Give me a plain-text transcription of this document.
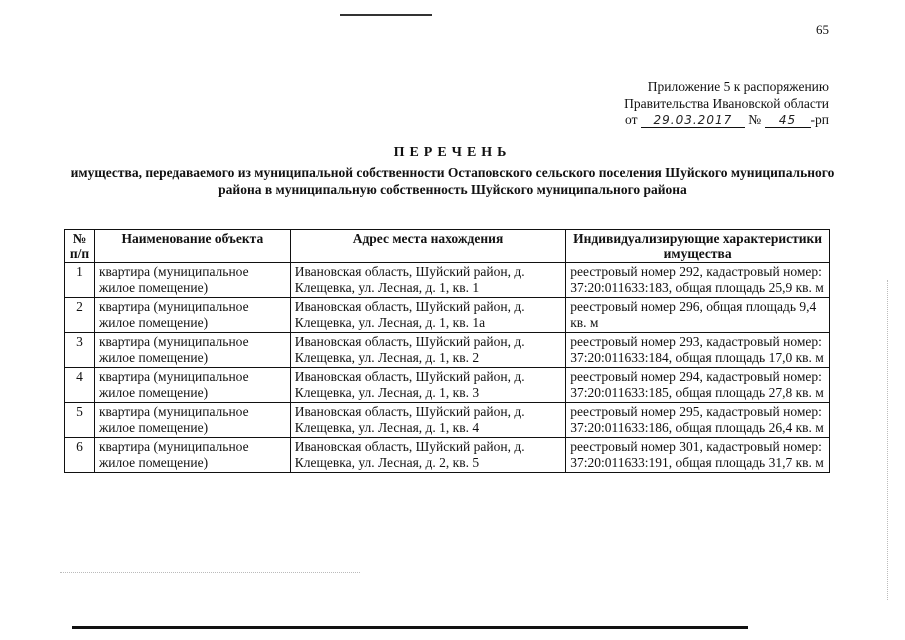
65
Приложение 5 к распоряжению
Правительства Ивановской области
от 29.03.2017 № 45 -рп
ПЕРЕЧЕНЬ
имущества, передаваемого из муниципальной собственности Остаповского сельского поселения Шуйского муниципального района в муниципальную собственность Шуйского муниципального района
№ п/п	Наименование объекта	Адрес места нахождения	Индивидуализирующие характеристики имущества
1	квартира (муниципальное жилое помещение)	Ивановская область, Шуйский район, д. Клещевка, ул. Лесная, д. 1, кв. 1	реестровый номер 292, кадастровый номер: 37:20:011633:183, общая площадь 25,9 кв. м
2	квартира (муниципальное жилое помещение)	Ивановская область, Шуйский район, д. Клещевка, ул. Лесная, д. 1, кв. 1а	реестровый номер 296, общая площадь 9,4 кв. м
3	квартира (муниципальное жилое помещение)	Ивановская область, Шуйский район, д. Клещевка, ул. Лесная, д. 1, кв. 2	реестровый номер 293, кадастровый номер: 37:20:011633:184, общая площадь 17,0 кв. м
4	квартира (муниципальное жилое помещение)	Ивановская область, Шуйский район, д. Клещевка, ул. Лесная, д. 1, кв. 3	реестровый номер 294, кадастровый номер: 37:20:011633:185, общая площадь 27,8 кв. м
5	квартира (муниципальное жилое помещение)	Ивановская область, Шуйский район, д. Клещевка, ул. Лесная, д. 1, кв. 4	реестровый номер 295, кадастровый номер: 37:20:011633:186, общая площадь 26,4 кв. м
6	квартира (муниципальное жилое помещение)	Ивановская область, Шуйский район, д. Клещевка, ул. Лесная, д. 2, кв. 5	реестровый номер 301, кадастровый номер: 37:20:011633:191, общая площадь 31,7 кв. м
